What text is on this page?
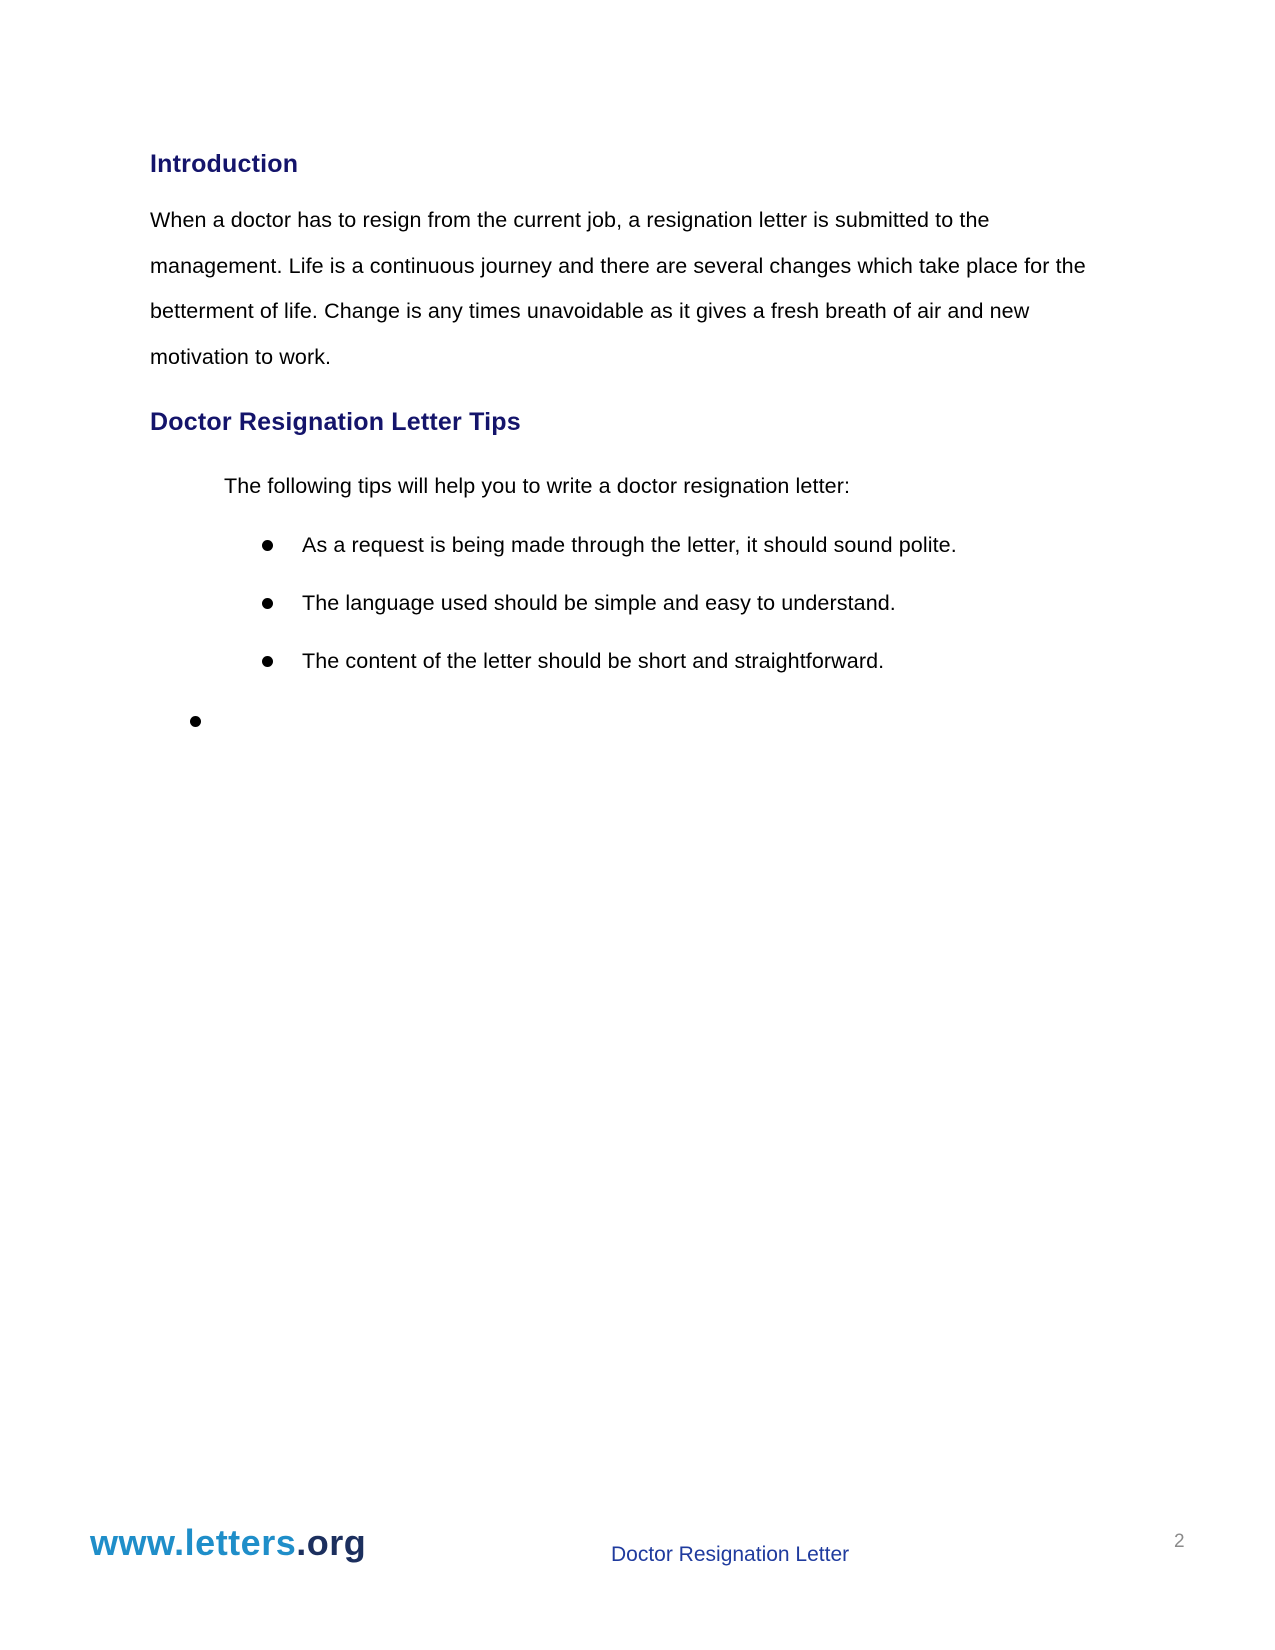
Introduction
When a doctor has to resign from the current job, a resignation letter is submitted to the
management. Life is a continuous journey and there are several changes which take place for the
betterment of life. Change is any times unavoidable as it gives a fresh breath of air and new
motivation to work.
Doctor Resignation Letter Tips

The following tips will help you to write a doctor resignation letter:

As a request is being made through the letter, it should sound polite.
The language used should be simple and easy to understand.
The content of the letter should be short and straightforward.
www.letters.org	Doctor Resignation Letter
2
